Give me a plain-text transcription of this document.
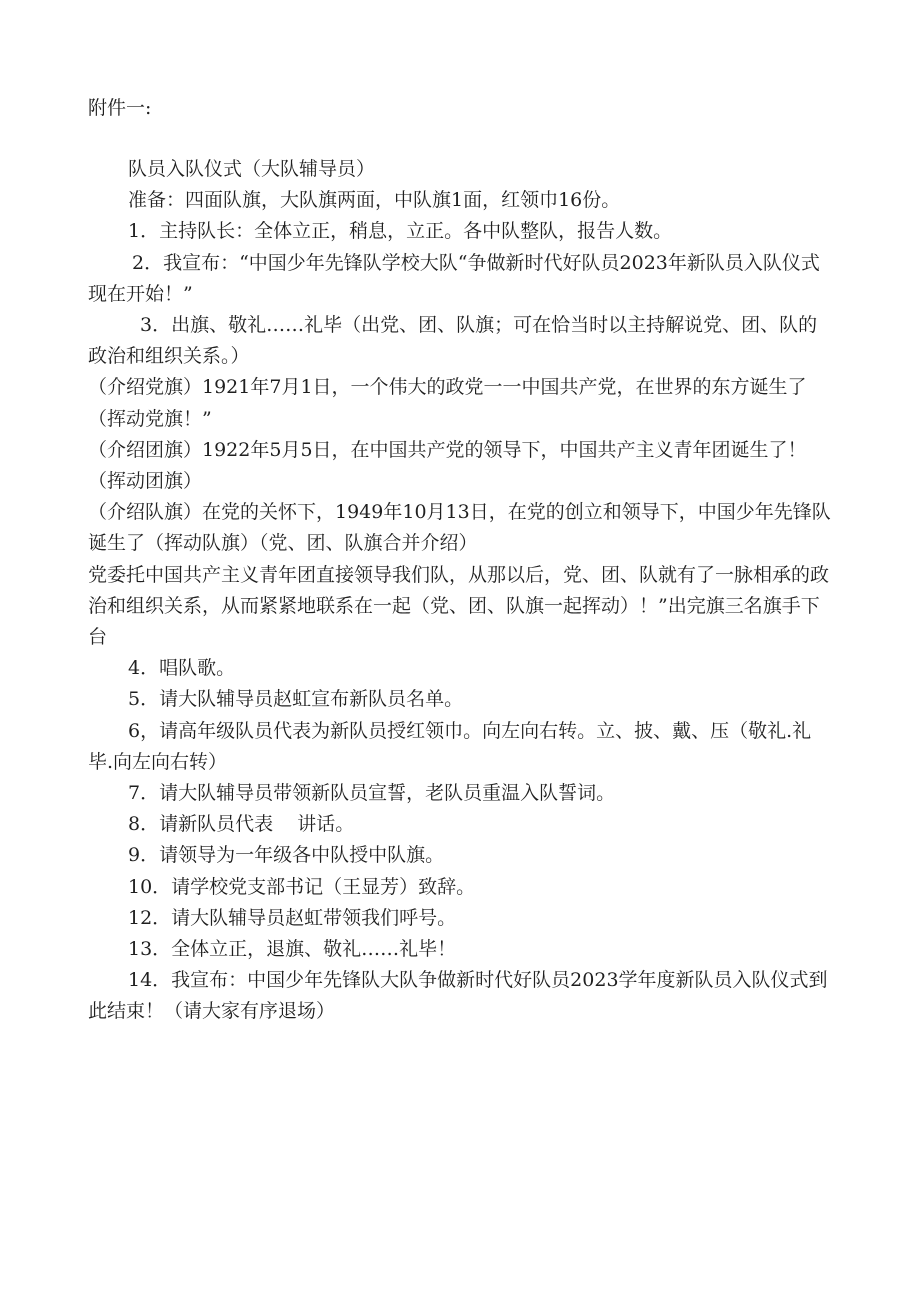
附件一:

队员入队仪式（大队辅导员）

准备：四面队旗，大队旗两面，中队旗1面，红领巾16份。

1．主持队长：全体立正，稍息，立正。各中队整队，报告人数。

2．我宣布：“中国少年先锋队学校大队“争做新时代好队员2023年新队员入队仪式现在开始！”

3．出旗、敬礼……礼毕（出党、团、队旗；可在恰当时以主持解说党、团、队的政治和组织关系。）

（介绍党旗）1921年7月1日，一个伟大的政党一一中国共产党，在世界的东方诞生了（挥动党旗！”

（介绍团旗）1922年5月5日，在中国共产党的领导下，中国共产主义青年团诞生了！（挥动团旗）

（介绍队旗）在党的关怀下，1949年10月13日，在党的创立和领导下，中国少年先锋队诞生了（挥动队旗）（党、团、队旗合并介绍）

党委托中国共产主义青年团直接领导我们队，从那以后，党、团、队就有了一脉相承的政治和组织关系，从而紧紧地联系在一起（党、团、队旗一起挥动）！”出完旗三名旗手下台

4．唱队歌。

5．请大队辅导员赵虹宣布新队员名单。

6，请高年级队员代表为新队员授红领巾。向左向右转。立、披、戴、压（敬礼.礼毕.向左向右转）

7．请大队辅导员带领新队员宣誓，老队员重温入队誓词。

8．请新队员代表    讲话。

9．请领导为一年级各中队授中队旗。

10．请学校党支部书记（王显芳）致辞。

12．请大队辅导员赵虹带领我们呼号。

13．全体立正，退旗、敬礼……礼毕！

14．我宣布：中国少年先锋队大队争做新时代好队员2023学年度新队员入队仪式到此结束！（请大家有序退场）
